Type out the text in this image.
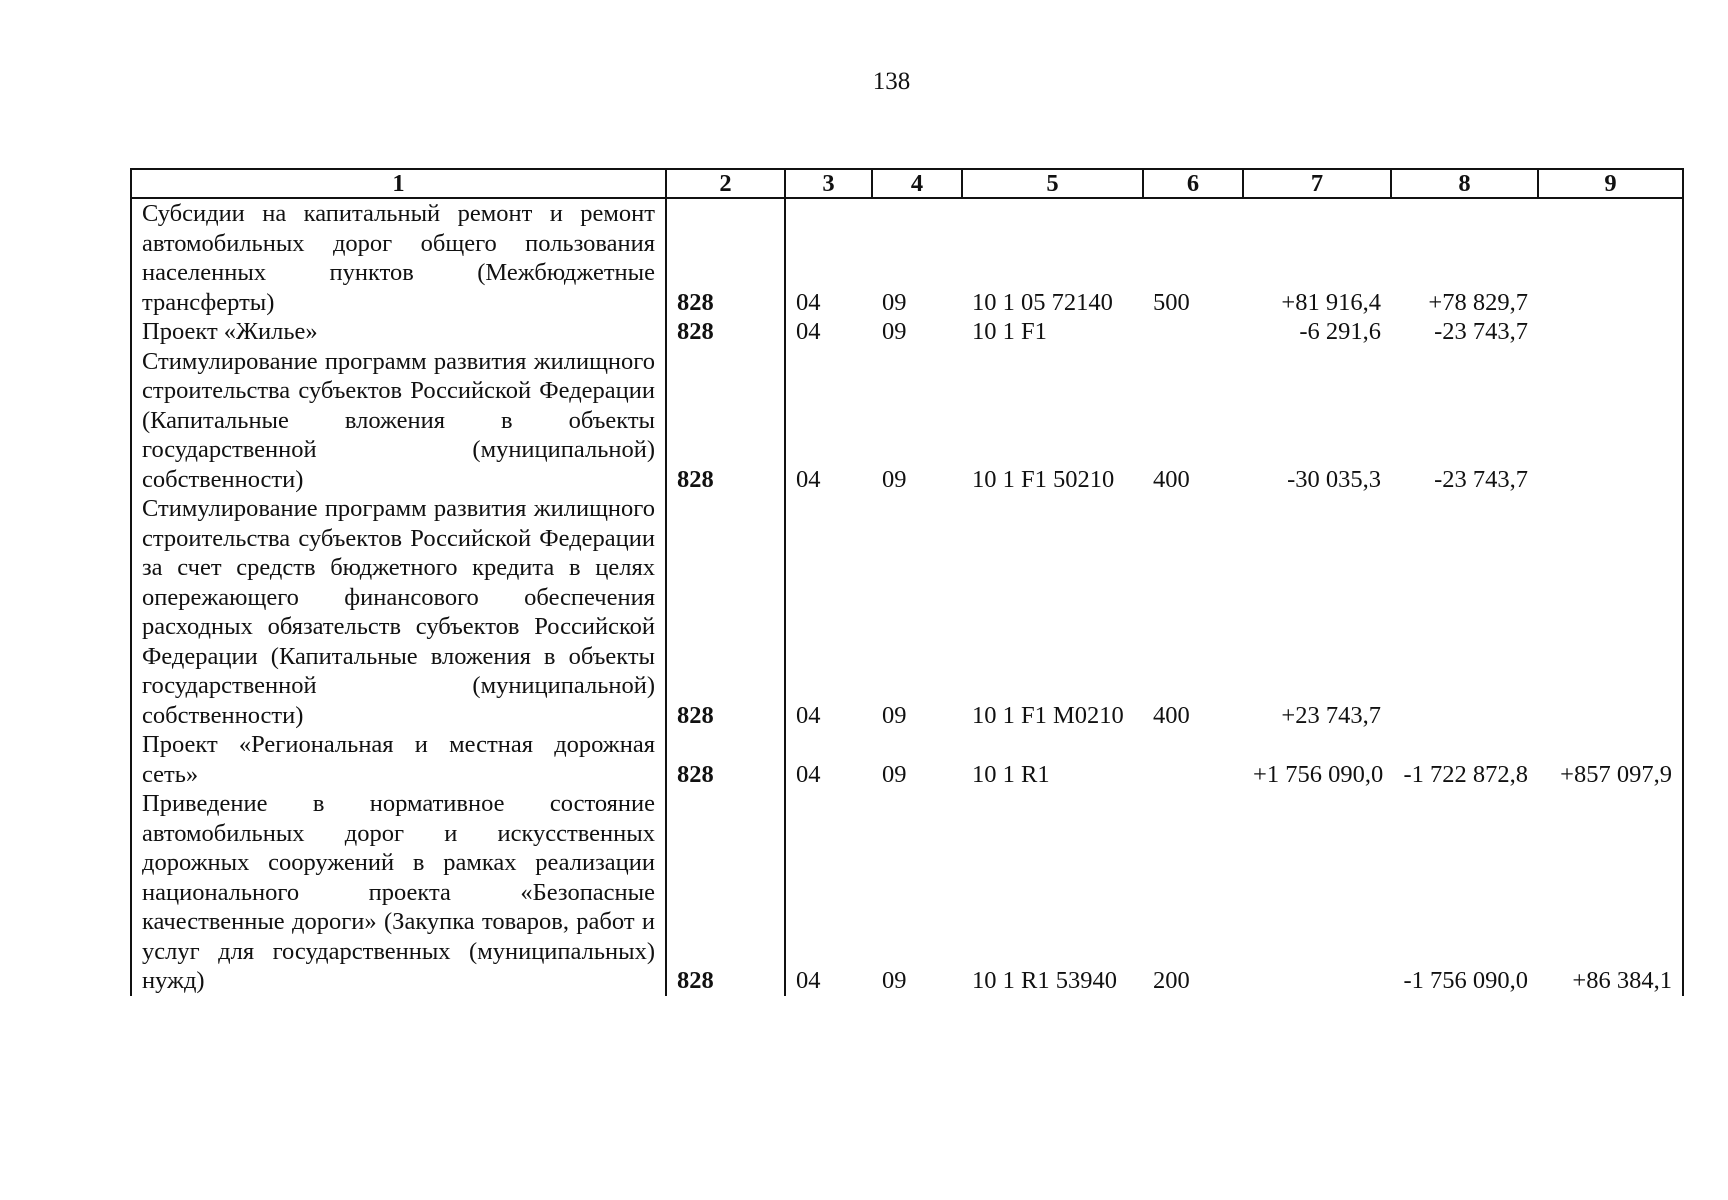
138
1	2	3	4	5	6	7	8	9
Субсидии на капитальный ремонт и ремонт автомобильных дорог общего пользования населенных пунктов (Межбюджетные трансферты)	828	04	09	10 1 05 72140	500	+81 916,4	+78 829,7	
Проект «Жилье»	828	04	09	10 1 F1		-6 291,6	-23 743,7	
Стимулирование программ развития жилищного строительства субъектов Российской Федерации (Капитальные вложения в объекты государственной (муниципальной) собственности)	828	04	09	10 1 F1 50210	400	-30 035,3	-23 743,7	
Стимулирование программ развития жилищного строительства субъектов Российской Федерации за счет средств бюджетного кредита в целях опережающего финансового обеспечения расходных обязательств субъектов Российской Федерации (Капитальные вложения в объекты государственной (муниципальной) собственности)	828	04	09	10 1 F1 M0210	400	+23 743,7		
Проект «Региональная и местная дорожная сеть»	828	04	09	10 1 R1		+1 756 090,0	-1 722 872,8	+857 097,9
Приведение в нормативное состояние автомобильных дорог и искусственных дорожных сооружений в рамках реализации национального проекта «Безопасные качественные дороги» (Закупка товаров, работ и услуг для государственных (муниципальных) нужд)	828	04	09	10 1 R1 53940	200		-1 756 090,0	+86 384,1
